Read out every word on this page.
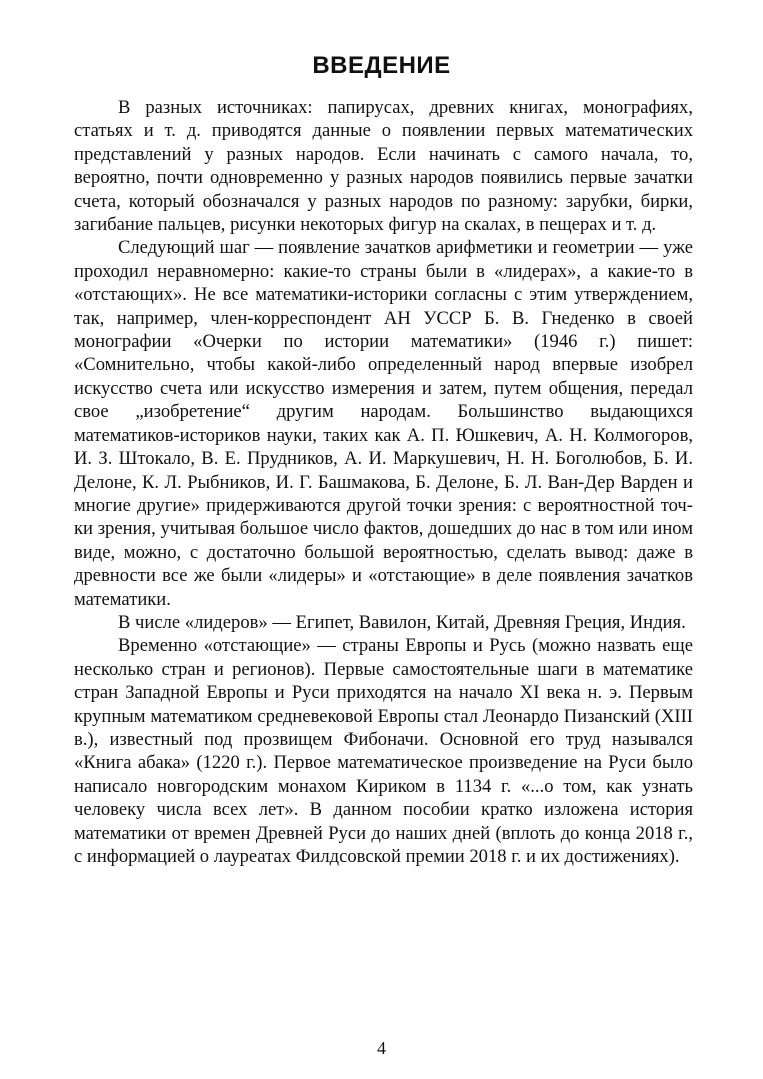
ВВЕДЕНИЕ

В разных источниках: папирусах, древних книгах, монографиях, статьях и т. д. приводятся данные о появлении первых математических представлений у разных народов. Если начинать с самого начала, то, вероятно, почти одновременно у разных народов появились первые зачатки счета, который обозначался у разных народов по разному: зарубки, бирки, загибание пальцев, рисунки некоторых фигур на скалах, в пещерах и т. д.

Следующий шаг — появление зачатков арифметики и геометрии — уже проходил неравномерно: какие-то страны были в «лидерах», а какие-то в «отстающих». Не все математики-историки согласны с этим утверждением, так, например, член-корреспондент АН УССР Б. В. Гнеденко в своей монографии «Очерки по истории математики» (1946 г.) пишет: «Сомнительно, чтобы какой-либо определенный народ впервые изобрел искусство счета или искусство измерения и затем, путем общения, передал свое „изобретение“ другим народам. Большинство выдающихся математиков-историков науки, таких как А. П. Юшкевич, А. Н. Колмогоров, И. З. Штокало, В. Е. Прудников, А. И. Маркушевич, Н. Н. Боголюбов, Б. И. Делоне, К. Л. Рыбников, И. Г. Башмакова, Б. Делоне, Б. Л. Ван-Дер Варден и многие другие» придерживаются другой точки зрения: с вероятностной точки зрения, учитывая большое число фактов, дошедших до нас в том или ином виде, можно, с достаточно большой вероятностью, сделать вывод: даже в древности все же были «лидеры» и «отстающие» в деле появления зачатков математики.

В числе «лидеров» — Египет, Вавилон, Китай, Древняя Греция, Индия.

Временно «отстающие» — страны Европы и Русь (можно назвать еще несколько стран и регионов). Первые самостоятельные шаги в математике стран Западной Европы и Руси приходятся на начало XI века н. э. Первым крупным математиком средневековой Европы стал Леонардо Пизанский (XIII в.), известный под прозвищем Фибоначи. Основной его труд назывался «Книга абака» (1220 г.). Первое математическое произведение на Руси было написало новгородским монахом Кириком в 1134 г. «...о том, как узнать человеку числа всех лет». В данном пособии кратко изложена история математики от времен Древней Руси до наших дней (вплоть до конца 2018 г., с информацией о лауреатах Филдсовской премии 2018 г. и их достижениях).

4
